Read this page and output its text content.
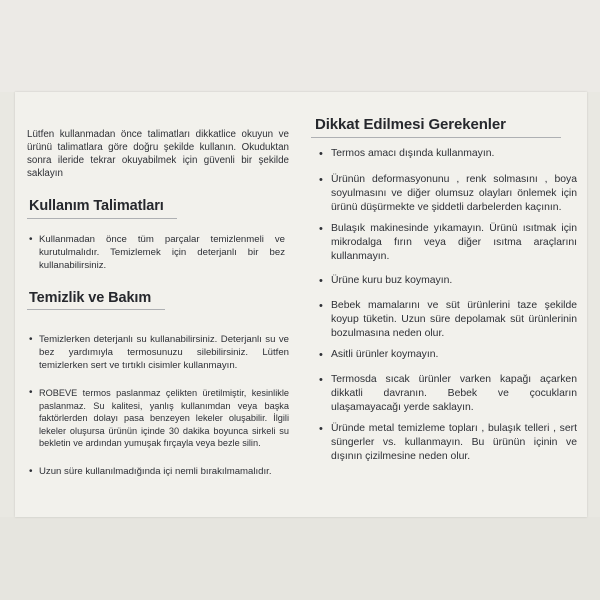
Lütfen kullanmadan önce talimatları dikkatlice okuyun ve ürünü talimatlara göre doğru şekilde kullanın. Okuduktan sonra ileride tekrar okuyabilmek için güvenli bir şekilde saklayın
Kullanım Talimatları
• Kullanmadan önce tüm parçalar temizlenmeli ve kurutulmalıdır. Temizlemek için deterjanlı bir bez kullanabilirsiniz.
Temizlik ve Bakım
• Temizlerken deterjanlı su kullanabilirsiniz. Deterjanlı su ve bez yardımıyla termosunuzu silebilirsiniz. Lütfen temizlerken sert ve tırtıklı cisimler kullanmayın.
• ROBEVE termos paslanmaz çelikten üretilmiştir, kesinlikle paslanmaz. Su kalitesi, yanlış kullanımdan veya başka faktörlerden dolayı pasa benzeyen lekeler oluşabilir. İlgili lekeler oluşursa ürünün içinde 30 dakika boyunca sirkeli su bekletin ve ardından yumuşak fırçayla veya bezle silin.
• Uzun süre kullanılmadığında içi nemli bırakılmamalıdır.
Dikkat Edilmesi Gerekenler
• Termos amacı dışında kullanmayın.
• Ürünün deformasyonunu , renk solmasını , boya soyulmasını ve diğer olumsuz olayları önlemek için ürünü düşürmekte ve şiddetli darbelerden kaçının.
• Bulaşık makinesinde yıkamayın. Ürünü ısıtmak için mikrodalga fırın veya diğer ısıtma araçlarını kullanmayın.
• Ürüne kuru buz koymayın.
• Bebek mamalarını ve süt ürünlerini taze şekilde koyup tüketin. Uzun süre depolamak süt ürünlerinin bozulmasına neden olur.
• Asitli ürünler koymayın.
• Termosda sıcak ürünler varken kapağı açarken dikkatli davranın. Bebek ve çocukların ulaşamayacağı yerde saklayın.
• Üründe metal temizleme topları , bulaşık telleri , sert süngerler vs. kullanmayın. Bu ürünün içinin ve dışının çizilmesine neden olur.
